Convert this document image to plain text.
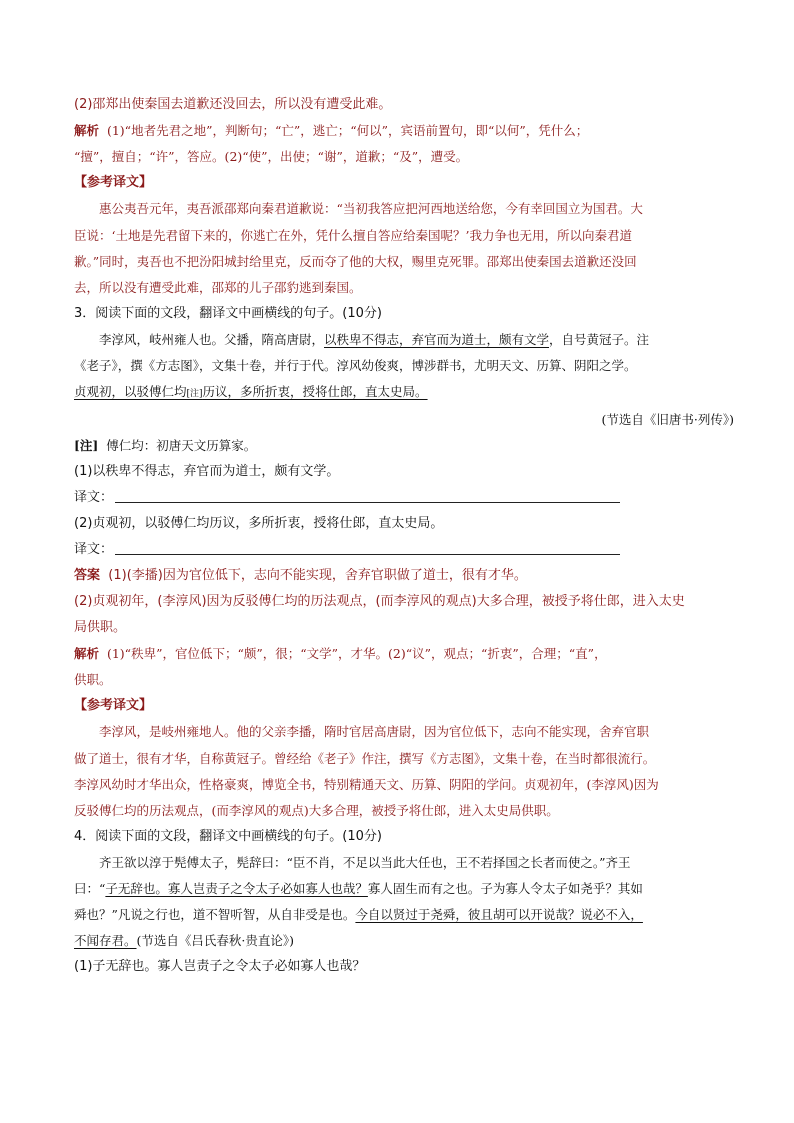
(2)邵郑出使秦国去道歉还没回去，所以没有遭受此难。
解析 (1)“地者先君之地”，判断句；“亡”，逃亡；“何以”，宾语前置句，即“以何”，凭什么；
“擅”，擅自；“许”，答应。(2)“使”，出使；“谢”，道歉；“及”，遭受。
【参考译文】

惠公夷吾元年，夷吾派邵郑向秦君道歉说：“当初我答应把河西地送给您，今有幸回国立为国君。大

臣说：‘土地是先君留下来的，你逃亡在外，凭什么擅自答应给秦国呢？’我力争也无用，所以向秦君道
歉。”同时，夷吾也不把汾阳城封给里克，反而夺了他的大权，赐里克死罪。邵郑出使秦国去道歉还没回
去，所以没有遭受此难，邵郑的儿子邵豹逃到秦国。
3．阅读下面的文段，翻译文中画横线的句子。(10分)

李淳风，岐州雍人也。父播，隋高唐尉，以秩卑不得志，弃官而为道士，颇有文学，自号黄冠子。注

《老子》，撰《方志图》，文集十卷，并行于代。淳风幼俊爽，博涉群书，尤明天文、历算、阴阳之学。
贞观初，以驳傅仁均[注]历议，多所折衷，授将仕郎，直太史局。
(节选自《旧唐书·列传》)
[注] 傅仁均：初唐天文历算家。
(1)以秩卑不得志，弃官而为道士，颇有文学。
译文：
(2)贞观初，以驳傅仁均历议，多所折衷，授将仕郎，直太史局。
译文：
答案 (1)(李播)因为官位低下，志向不能实现，舍弃官职做了道士，很有才华。
(2)贞观初年，(李淳风)因为反驳傅仁均的历法观点，(而李淳风的观点)大多合理，被授予将仕郎，进入太史
局供职。
解析 (1)“秩卑”，官位低下；“颇”，很；“文学”，才华。(2)“议”，观点；“折衷”，合理；“直”，
供职。
【参考译文】

李淳风，是岐州雍地人。他的父亲李播，隋时官居高唐尉，因为官位低下，志向不能实现，舍弃官职

做了道士，很有才华，自称黄冠子。曾经给《老子》作注，撰写《方志图》，文集十卷，在当时都很流行。
李淳风幼时才华出众，性格豪爽，博览全书，特别精通天文、历算、阴阳的学问。贞观初年，(李淳风)因为
反驳傅仁均的历法观点，(而李淳风的观点)大多合理，被授予将仕郎，进入太史局供职。
4．阅读下面的文段，翻译文中画横线的句子。(10分)

齐王欲以淳于髡傅太子，髡辞曰：“臣不肖，不足以当此大任也，王不若择国之长者而使之。”齐王

曰：“子无辞也。寡人岂责子之令太子必如寡人也哉？寡人固生而有之也。子为寡人令太子如尧乎？其如
舜也？”凡说之行也，道不智听智，从自非受是也。今自以贤过于尧舜，彼且胡可以开说哉？说必不入，
不闻存君。(节选自《吕氏春秋·贵直论》)
(1)子无辞也。寡人岂责子之令太子必如寡人也哉？
